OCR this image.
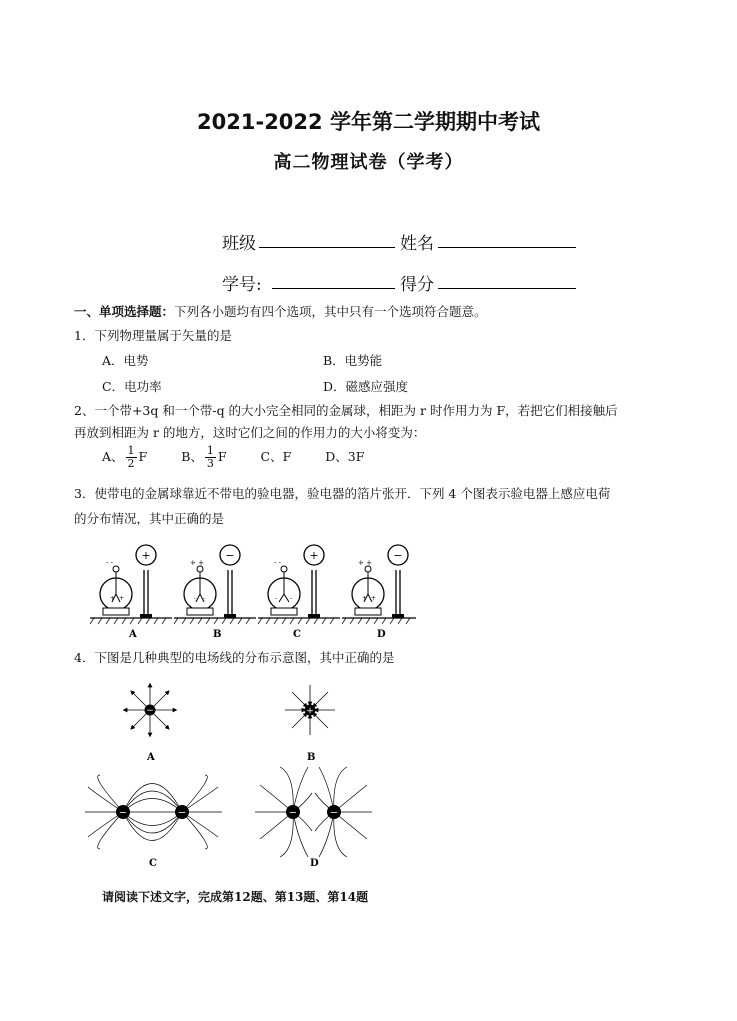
2021-2022 学年第二学期期中考试
高二物理试卷（学考）
班级	姓名
学号:	得分
一、单项选择题：下列各小题均有四个选项，其中只有一个选项符合题意。
1．下列物理量属于矢量的是
A．电势	B．电势能
C．电功率	D．磁感应强度
2、一个带+3q 和一个带-q 的大小完全相同的金属球，相距为 r 时作用力为 F，若把它们相接触后
再放到相距为 r 的地方，这时它们之间的作用力的大小将变为：
A、 $\frac{1}{2}$ F	B、 $\frac{1}{3}$ F	C、F	D、3F
3．使带电的金属球靠近不带电的验电器，验电器的箔片张开．下列 4 个图表示验电器上感应电荷
的分布情况，其中正确的是
- -
+ +
+ +
- -
- -
- -
+ +
+ +
+	−	+	−
A	B	C	D
4．下图是几种典型的电场线的分布示意图，其中正确的是
−
A
+
B
−	−
C
−	−
D
请阅读下述文字，完成第12题、第13题、第14题
